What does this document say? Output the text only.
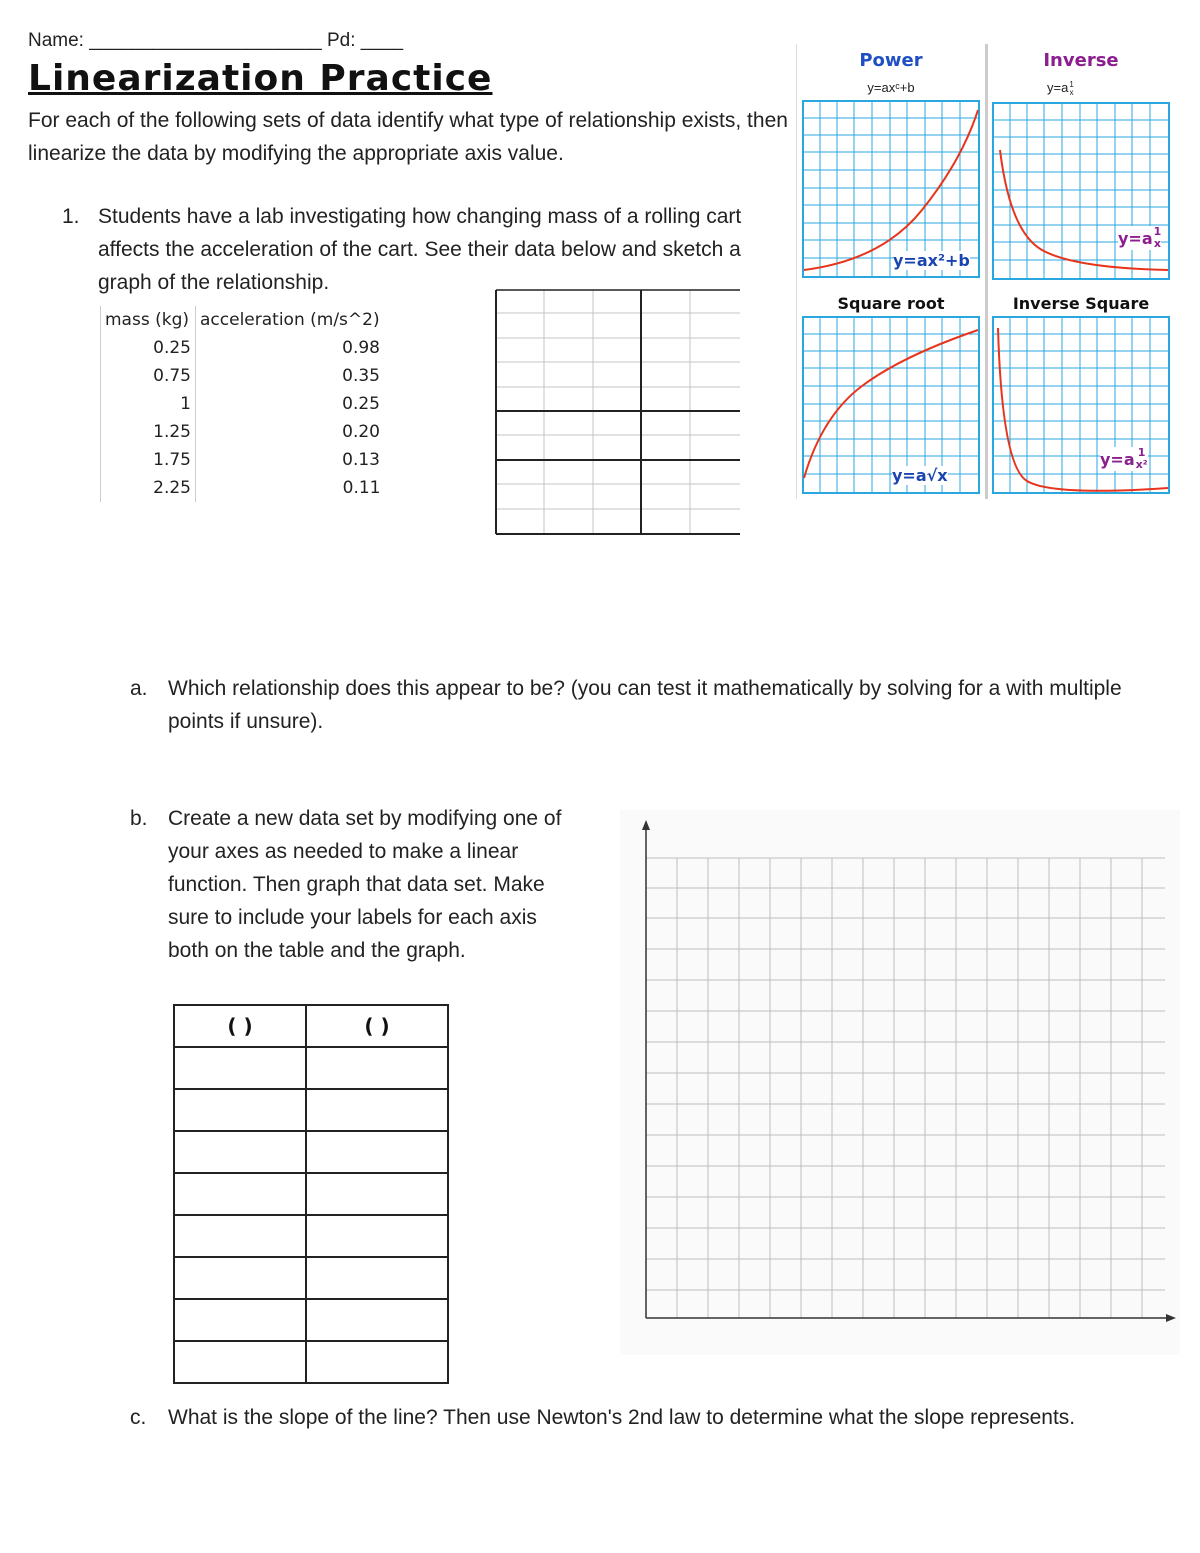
Name: ______________________ Pd: ____
Linearization Practice
For each of the following sets of data identify what type of relationship exists, then linearize the data by modifying the appropriate axis value.
1. Students have a lab investigating how changing mass of a rolling cart affects the acceleration of the cart. See their data below and sketch a graph of the relationship.
mass (kg)	acceleration (m/s^2)
0.25	0.98
0.75	0.35
1	0.25
1.25	0.20
1.75	0.13
2.25	0.11
Power
y=axᶜ+b
y=ax²+b
Inverse
y=a1
x
y=a 1
x
Square root
y=a√x
Inverse Square
y=a 1
x²
a. Which relationship does this appear to be? (you can test it mathematically by solving for a with multiple points if unsure).
b. Create a new data set by modifying one of your axes as needed to make a linear function. Then graph that data set. Make sure to include your labels for each axis both on the table and the graph.
( )	( )

c. What is the slope of the line? Then use Newton's 2nd law to determine what the slope represents.
